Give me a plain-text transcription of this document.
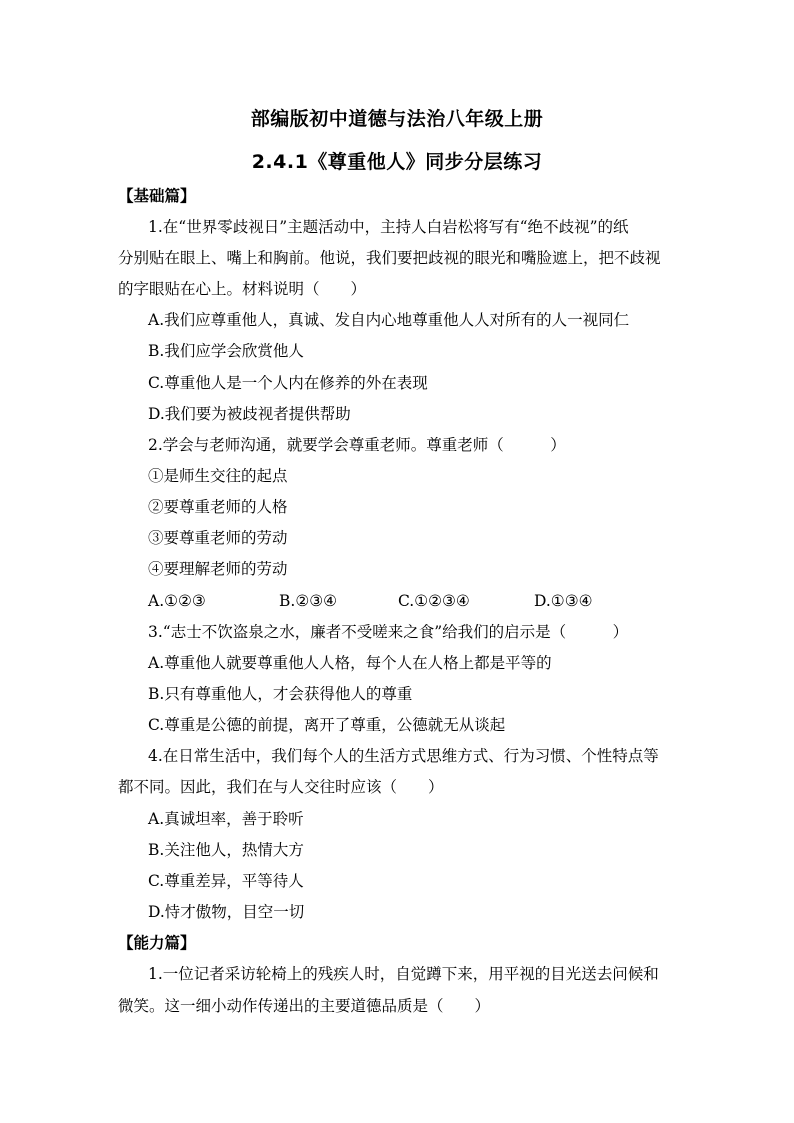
部编版初中道德与法治八年级上册
2.4.1《尊重他人》同步分层练习
【基础篇】
1.在“世界零歧视日”主题活动中，主持人白岩松将写有“绝不歧视”的纸
分别贴在眼上、嘴上和胸前。他说，我们要把歧视的眼光和嘴脸遮上，把不歧视
的字眼贴在心上。材料说明（　　）
A.我们应尊重他人，真诚、发自内心地尊重他人人对所有的人一视同仁
B.我们应学会欣赏他人
C.尊重他人是一个人内在修养的外在表现
D.我们要为被歧视者提供帮助
2.学会与老师沟通，就要学会尊重老师。尊重老师（　　　）
①是师生交往的起点
②要尊重老师的人格
③要尊重老师的劳动
④要理解老师的劳动
A.①②③	B.②③④	C.①②③④	D.①③④
3.“志士不饮盗泉之水，廉者不受嗟来之食”给我们的启示是（　　　）
A.尊重他人就要尊重他人人格，每个人在人格上都是平等的
B.只有尊重他人，才会获得他人的尊重
C.尊重是公德的前提，离开了尊重，公德就无从谈起
4.在日常生活中，我们每个人的生活方式思维方式、行为习惯、个性特点等
都不同。因此，我们在与人交往时应该（　　）
A.真诚坦率，善于聆听
B.关注他人，热情大方
C.尊重差异，平等待人
D.恃才傲物，目空一切
【能力篇】
1.一位记者采访轮椅上的残疾人时，自觉蹲下来，用平视的目光送去问候和
微笑。这一细小动作传递出的主要道德品质是（　　）
